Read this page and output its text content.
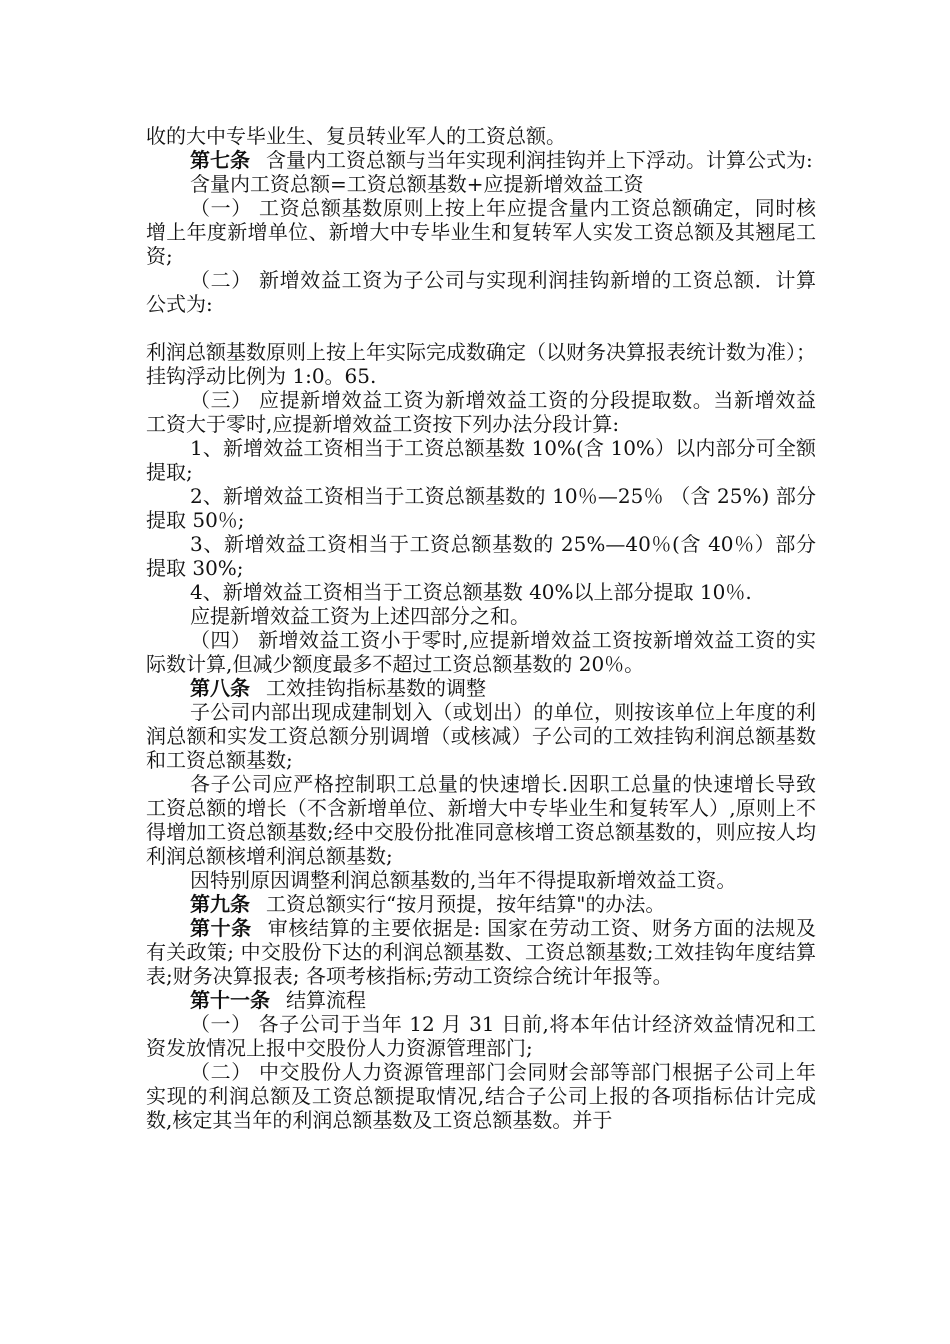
收的大中专毕业生、复员转业军人的工资总额。

第七条 含量内工资总额与当年实现利润挂钩并上下浮动。计算公式为:

含量内工资总额=工资总额基数+应提新增效益工资

（一） 工资总额基数原则上按上年应提含量内工资总额确定，同时核增上年度新增单位、新增大中专毕业生和复转军人实发工资总额及其翘尾工资;

（二） 新增效益工资为子公司与实现利润挂钩新增的工资总额．计算公式为:

利润总额基数原则上按上年实际完成数确定（以财务决算报表统计数为准）； 挂钩浮动比例为 1:0。65.

（三） 应提新增效益工资为新增效益工资的分段提取数。当新增效益工资大于零时,应提新增效益工资按下列办法分段计算:

1、新增效益工资相当于工资总额基数 10%(含 10%）以内部分可全额提取;

2、新增效益工资相当于工资总额基数的 10％—25％ （含 25%) 部分提取 50％;

3、新增效益工资相当于工资总额基数的 25%—40％(含 40％）部分提取 30%;

4、新增效益工资相当于工资总额基数 40%以上部分提取 10％.

应提新增效益工资为上述四部分之和。

（四） 新增效益工资小于零时,应提新增效益工资按新增效益工资的实际数计算,但减少额度最多不超过工资总额基数的 20％。

第八条 工效挂钩指标基数的调整

子公司内部出现成建制划入（或划出）的单位，则按该单位上年度的利润总额和实发工资总额分别调增（或核减）子公司的工效挂钩利润总额基数和工资总额基数;

各子公司应严格控制职工总量的快速增长.因职工总量的快速增长导致工资总额的增长（不含新增单位、新增大中专毕业生和复转军人）,原则上不得增加工资总额基数;经中交股份批准同意核增工资总额基数的，则应按人均利润总额核增利润总额基数;

因特别原因调整利润总额基数的,当年不得提取新增效益工资。

第九条 工资总额实行“按月预提，按年结算"的办法。

第十条 审核结算的主要依据是: 国家在劳动工资、财务方面的法规及有关政策; 中交股份下达的利润总额基数、工资总额基数;工效挂钩年度结算表;财务决算报表; 各项考核指标;劳动工资综合统计年报等。

第十一条 结算流程

（一） 各子公司于当年 12 月 31 日前,将本年估计经济效益情况和工资发放情况上报中交股份人力资源管理部门;

（二） 中交股份人力资源管理部门会同财会部等部门根据子公司上年实现的利润总额及工资总额提取情况,结合子公司上报的各项指标估计完成数,核定其当年的利润总额基数及工资总额基数。并于
